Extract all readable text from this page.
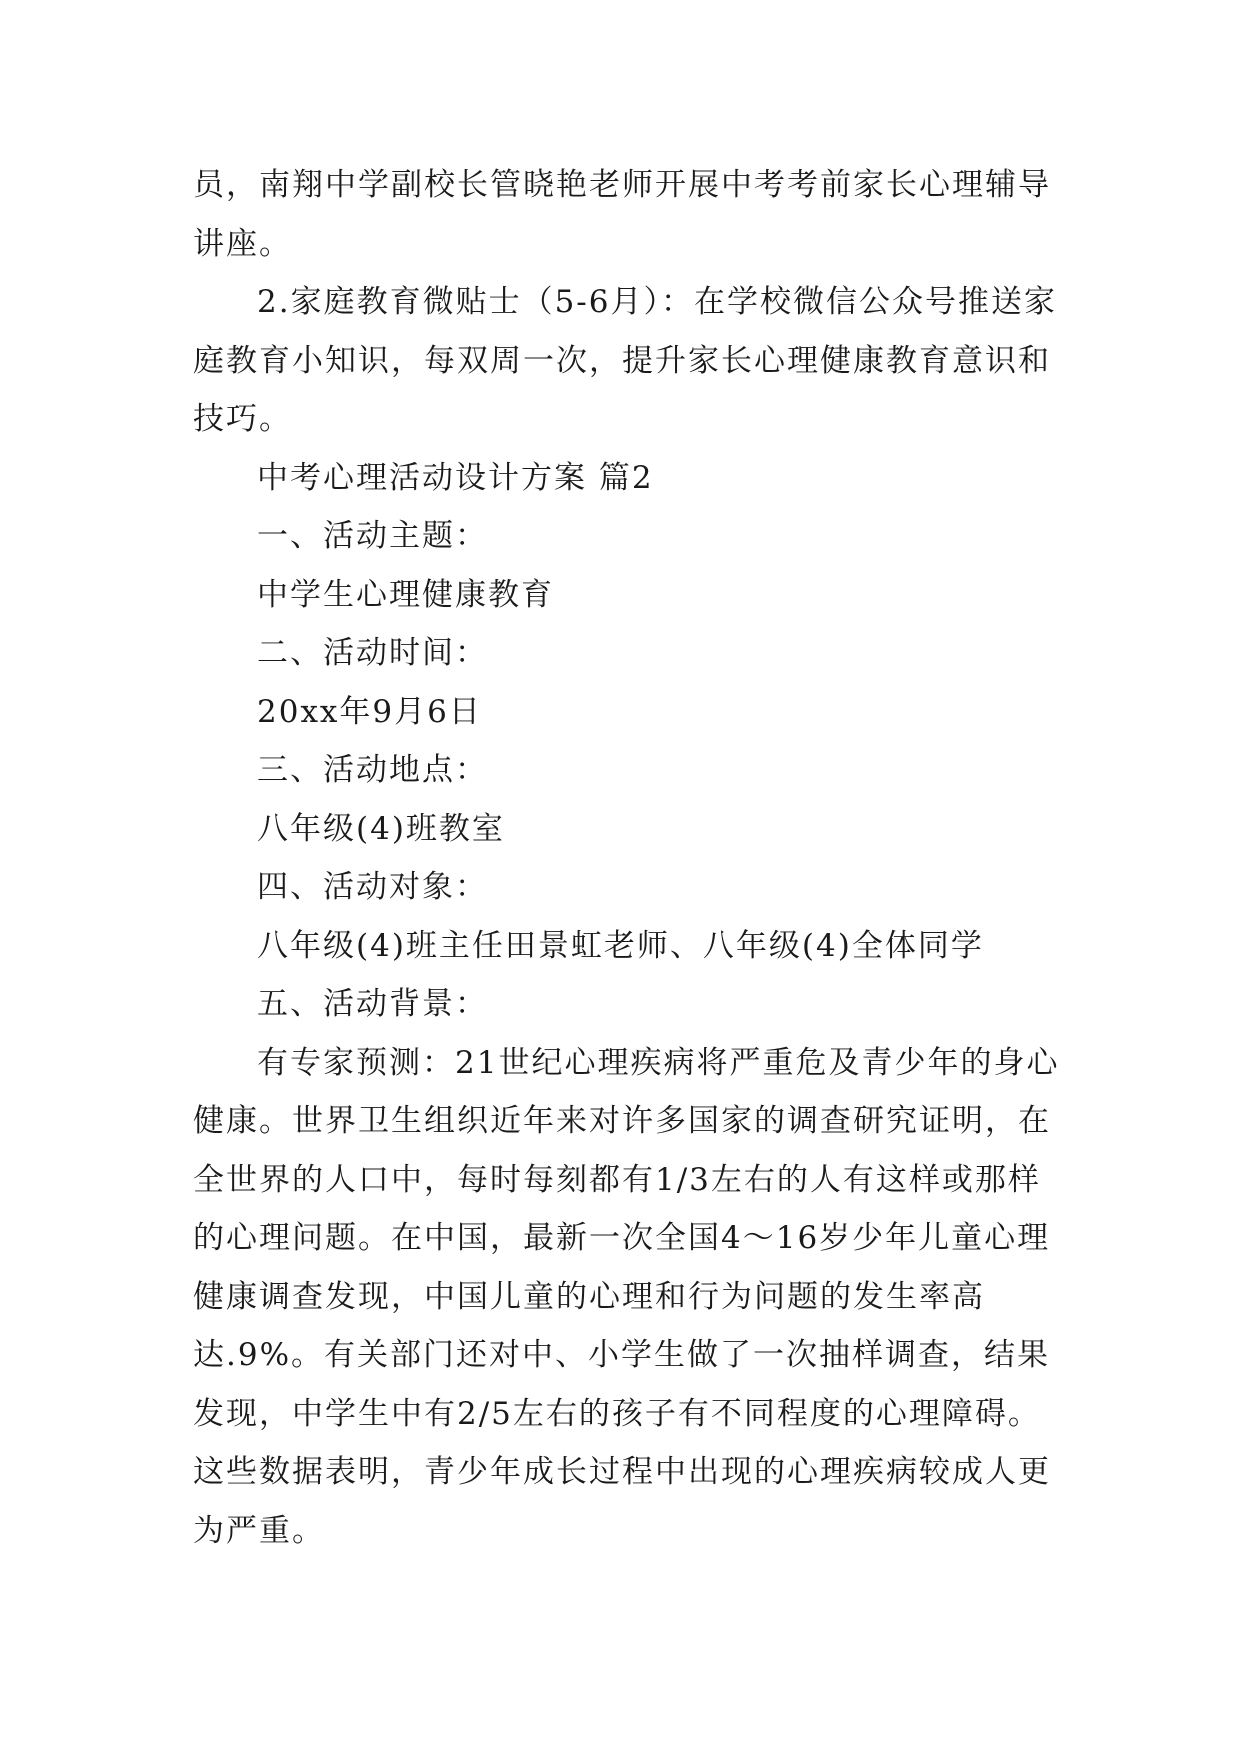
员，南翔中学副校长管晓艳老师开展中考考前家长心理辅导
讲座。
2.家庭教育微贴士（5-6月）：在学校微信公众号推送家
庭教育小知识，每双周一次，提升家长心理健康教育意识和
技巧。
中考心理活动设计方案 篇2
一、活动主题：
中学生心理健康教育
二、活动时间：
20xx年9月6日
三、活动地点：
八年级(4)班教室
四、活动对象：
八年级(4)班主任田景虹老师、八年级(4)全体同学
五、活动背景：
有专家预测：21世纪心理疾病将严重危及青少年的身心
健康。世界卫生组织近年来对许多国家的调查研究证明，在
全世界的人口中，每时每刻都有1/3左右的人有这样或那样
的心理问题。在中国，最新一次全国4～16岁少年儿童心理
健康调查发现，中国儿童的心理和行为问题的发生率高
达.9%。有关部门还对中、小学生做了一次抽样调查，结果
发现，中学生中有2/5左右的孩子有不同程度的心理障碍。
这些数据表明，青少年成长过程中出现的心理疾病较成人更
为严重。
